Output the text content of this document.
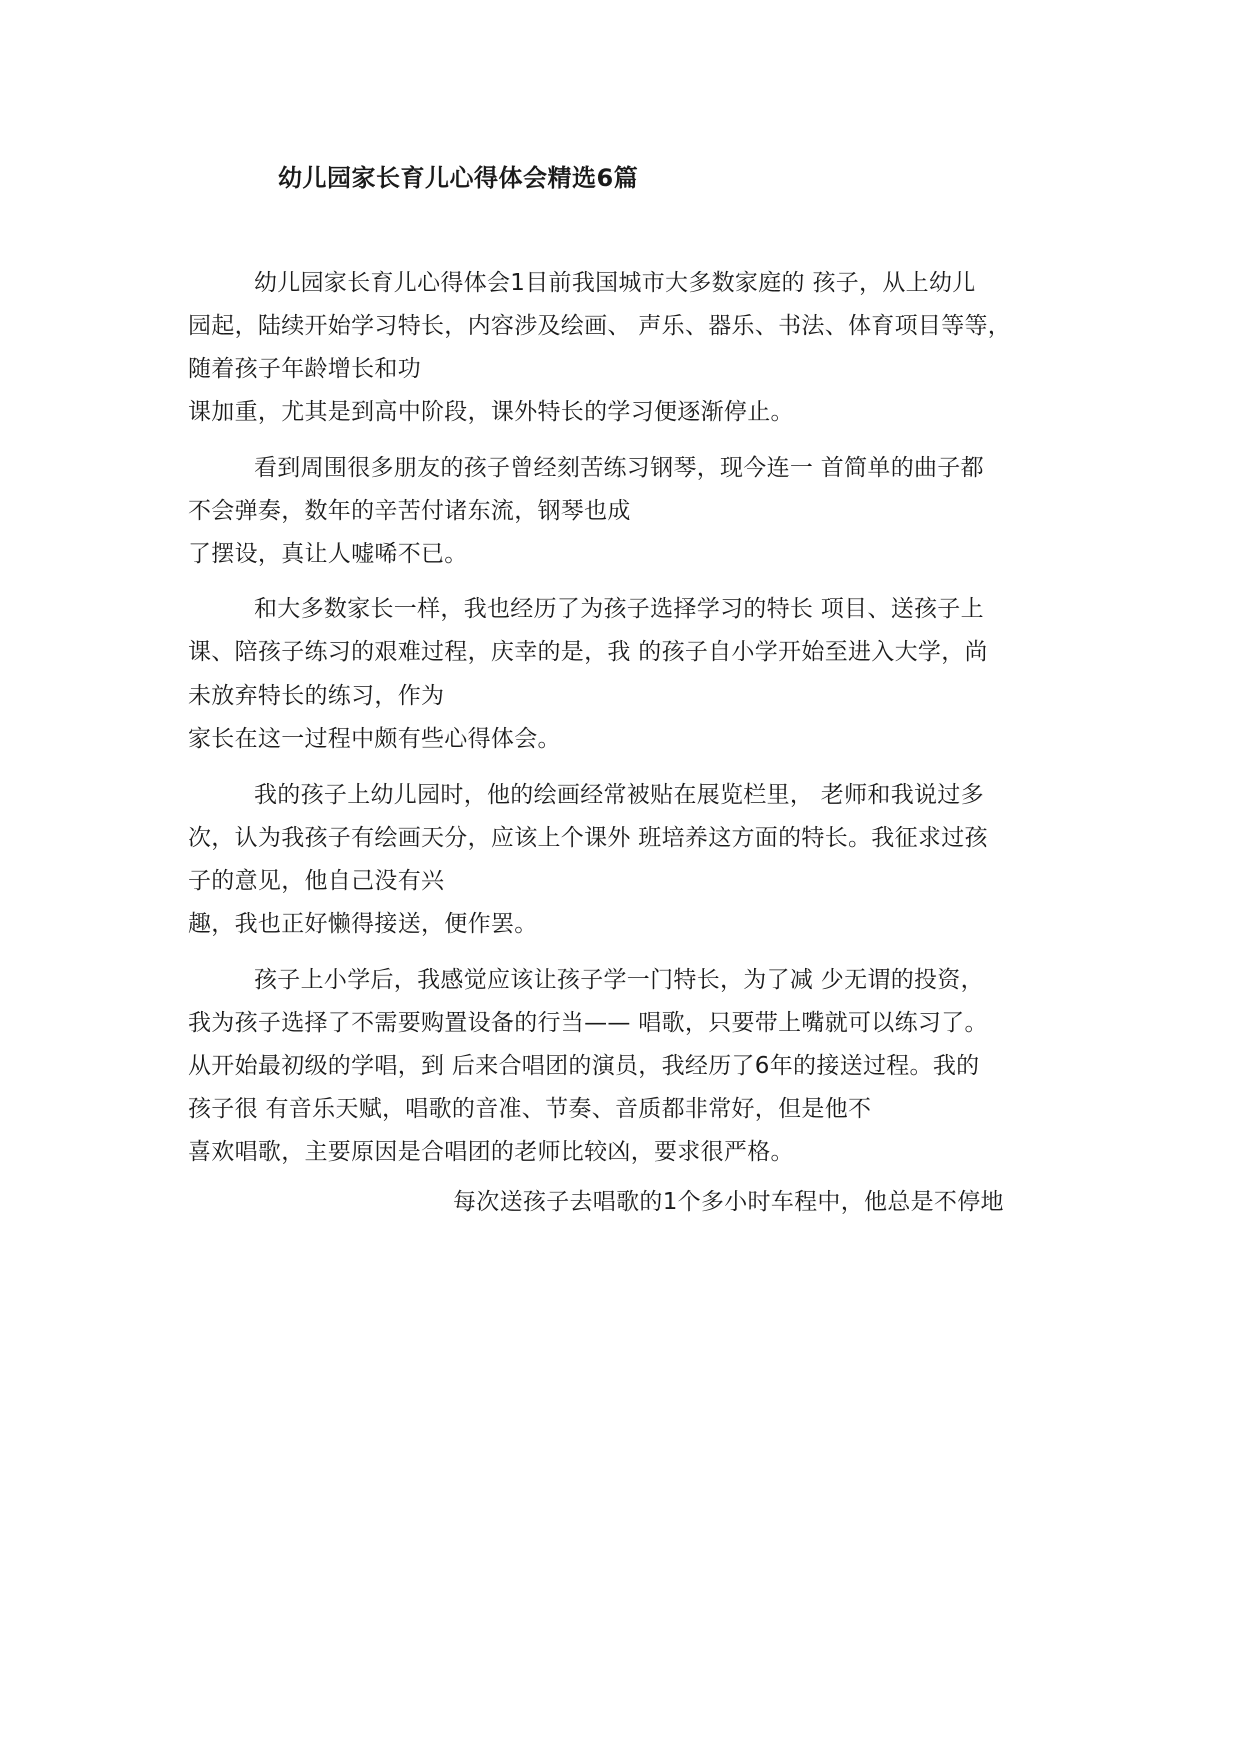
幼儿园家长育儿心得体会精选6篇
幼儿园家长育儿心得体会1目前我国城市大多数家庭的 孩子，从上幼儿
园起，陆续开始学习特长，内容涉及绘画、 声乐、器乐、书法、体育项目等等，
随着孩子年龄增长和功
课加重，尤其是到高中阶段，课外特长的学习便逐渐停止。
看到周围很多朋友的孩子曾经刻苦练习钢琴，现今连一 首简单的曲子都
不会弹奏，数年的辛苦付诸东流，钢琴也成
了摆设，真让人嘘唏不已。
和大多数家长一样，我也经历了为孩子选择学习的特长 项目、送孩子上
课、陪孩子练习的艰难过程，庆幸的是，我 的孩子自小学开始至进入大学，尚
未放弃特长的练习，作为
家长在这一过程中颇有些心得体会。
我的孩子上幼儿园时，他的绘画经常被贴在展览栏里， 老师和我说过多
次，认为我孩子有绘画天分，应该上个课外 班培养这方面的特长。我征求过孩
子的意见，他自己没有兴
趣，我也正好懒得接送，便作罢。
孩子上小学后，我感觉应该让孩子学一门特长，为了减 少无谓的投资，
我为孩子选择了不需要购置设备的行当—— 唱歌，只要带上嘴就可以练习了。
从开始最初级的学唱，到 后来合唱团的演员，我经历了6年的接送过程。我的
孩子很 有音乐天赋，唱歌的音准、节奏、音质都非常好，但是他不
喜欢唱歌，主要原因是合唱团的老师比较凶，要求很严格。
每次送孩子去唱歌的1个多小时车程中，他总是不停地
